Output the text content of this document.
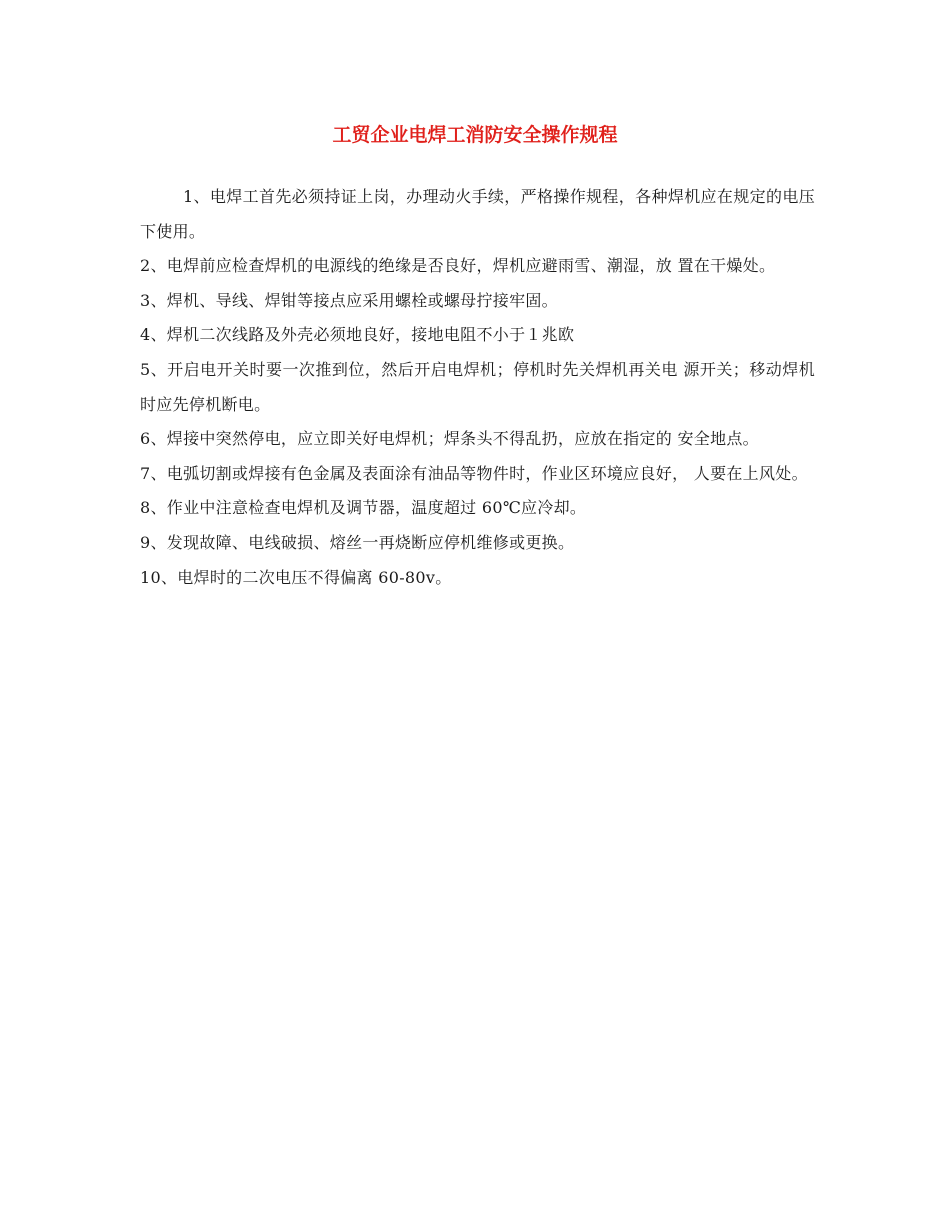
工贸企业电焊工消防安全操作规程

1、电焊工首先必须持证上岗，办理动火手续，严格操作规程，各种焊机应在规定的电压下使用。

2、电焊前应检查焊机的电源线的绝缘是否良好，焊机应避雨雪、潮湿，放 置在干燥处。

3、焊机、导线、焊钳等接点应采用螺栓或螺母拧接牢固。

4、焊机二次线路及外壳必须地良好，接地电阻不小于１兆欧

5、开启电开关时要一次推到位，然后开启电焊机；停机时先关焊机再关电 源开关；移动焊机时应先停机断电。

6、焊接中突然停电，应立即关好电焊机；焊条头不得乱扔，应放在指定的 安全地点。

7、电弧切割或焊接有色金属及表面涂有油品等物件时，作业区环境应良好， 人要在上风处。

8、作业中注意检查电焊机及调节器，温度超过 60℃应冷却。

9、发现故障、电线破损、熔丝一再烧断应停机维修或更换。

10、电焊时的二次电压不得偏离 60-80v。
